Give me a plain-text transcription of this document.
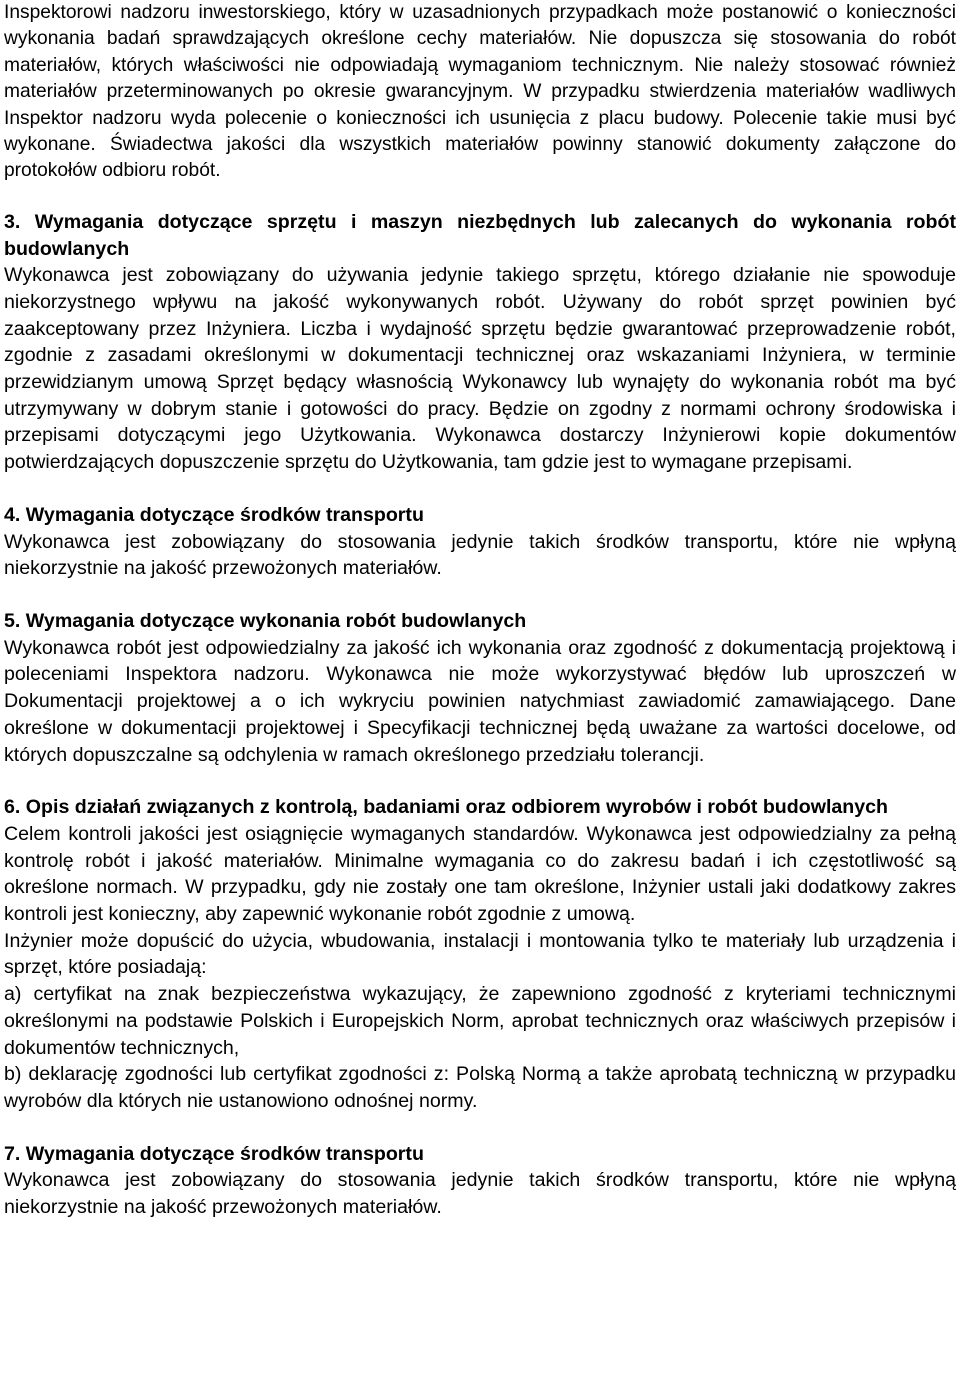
Inspektorowi nadzoru inwestorskiego, który w uzasadnionych przypadkach może postanowić o konieczności wykonania badań sprawdzających określone cechy materiałów. Nie dopuszcza się stosowania do robót materiałów, których właściwości nie odpowiadają wymaganiom technicznym. Nie należy stosować również materiałów przeterminowanych po okresie gwarancyjnym. W przypadku stwierdzenia materiałów wadliwych Inspektor nadzoru wyda polecenie o konieczności ich usunięcia z placu budowy. Polecenie takie musi być wykonane. Świadectwa jakości dla wszystkich materiałów powinny stanowić dokumenty załączone do protokołów odbioru robót.

3. Wymagania dotyczące sprzętu i maszyn niezbędnych lub zalecanych do wykonania robót budowlanych

Wykonawca jest zobowiązany do używania jedynie takiego sprzętu, którego działanie nie spowoduje niekorzystnego wpływu na jakość wykonywanych robót. Używany do robót sprzęt powinien być zaakceptowany przez Inżyniera. Liczba i wydajność sprzętu będzie gwarantować przeprowadzenie robót, zgodnie z zasadami określonymi w dokumentacji technicznej oraz wskazaniami Inżyniera, w terminie przewidzianym umową Sprzęt będący własnością Wykonawcy lub wynajęty do wykonania robót ma być utrzymywany w dobrym stanie i gotowości do pracy. Będzie on zgodny z normami ochrony środowiska i przepisami dotyczącymi jego Użytkowania. Wykonawca dostarczy Inżynierowi kopie dokumentów potwierdzających dopuszczenie sprzętu do Użytkowania, tam gdzie jest to wymagane przepisami.

4. Wymagania dotyczące środków transportu

Wykonawca jest zobowiązany do stosowania jedynie takich środków transportu, które nie wpłyną niekorzystnie na jakość przewożonych materiałów.

5. Wymagania dotyczące wykonania robót budowlanych

Wykonawca robót jest odpowiedzialny za jakość ich wykonania oraz zgodność z dokumentacją projektową i poleceniami Inspektora nadzoru. Wykonawca nie może wykorzystywać błędów lub uproszczeń w Dokumentacji projektowej a o ich wykryciu powinien natychmiast zawiadomić zamawiającego. Dane określone w dokumentacji projektowej i Specyfikacji technicznej będą uważane za wartości docelowe, od których dopuszczalne są odchylenia w ramach określonego przedziału tolerancji.

6. Opis działań związanych z kontrolą, badaniami oraz odbiorem wyrobów i robót budowlanych

Celem kontroli jakości jest osiągnięcie wymaganych standardów. Wykonawca jest odpowiedzialny za pełną kontrolę robót i jakość materiałów. Minimalne wymagania co do zakresu badań i ich częstotliwość są określone normach. W przypadku, gdy nie zostały one tam określone, Inżynier ustali jaki dodatkowy zakres kontroli jest konieczny, aby zapewnić wykonanie robót zgodnie z umową.

Inżynier może dopuścić do użycia, wbudowania, instalacji i montowania tylko te materiały lub urządzenia i sprzęt, które posiadają:

a) certyfikat na znak bezpieczeństwa wykazujący, że zapewniono zgodność z kryteriami technicznymi określonymi na podstawie Polskich i Europejskich Norm, aprobat technicznych oraz właściwych przepisów i dokumentów technicznych,

b) deklarację zgodności lub certyfikat zgodności z: Polską Normą a także aprobatą techniczną w przypadku wyrobów dla których nie ustanowiono odnośnej normy.

7. Wymagania dotyczące środków transportu

Wykonawca jest zobowiązany do stosowania jedynie takich środków transportu, które nie wpłyną niekorzystnie na jakość przewożonych materiałów.
